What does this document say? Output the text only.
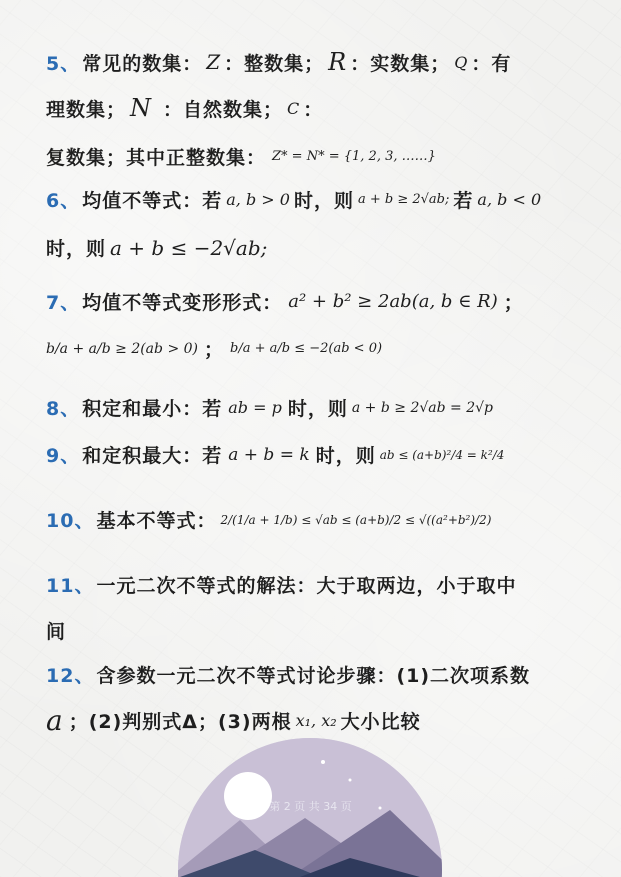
5、 常见的数集： Z ：整数集； R ：实数集； Q ：有
理数集； N ：自然数集； C ：
复数集；其中正整数集： Z* = N* = {1, 2, 3, ……}
6、 均值不等式：若 a, b > 0 时，则 a + b ≥ 2√ab; 若 a, b < 0
时，则 a + b ≤ −2√ab;
7、 均值不等式变形形式： a² + b² ≥ 2ab(a, b ∈ R) ；
b/a + a/b ≥ 2(ab > 0) ； b/a + a/b ≤ −2(ab < 0)
8、 积定和最小：若 ab = p 时，则 a + b ≥ 2√ab = 2√p
9、 和定积最大：若 a + b = k 时，则 ab ≤ (a+b)²/4 = k²/4
10、 基本不等式： 2/(1/a + 1/b) ≤ √ab ≤ (a+b)/2 ≤ √((a²+b²)/2)
11、 一元二次不等式的解法：大于取两边，小于取中
间
12、 含参数一元二次不等式讨论步骤：(1)二次项系数
a ；(2)判别式Δ；(3)两根 x₁, x₂ 大小比较
第 2 页 共 34 页
